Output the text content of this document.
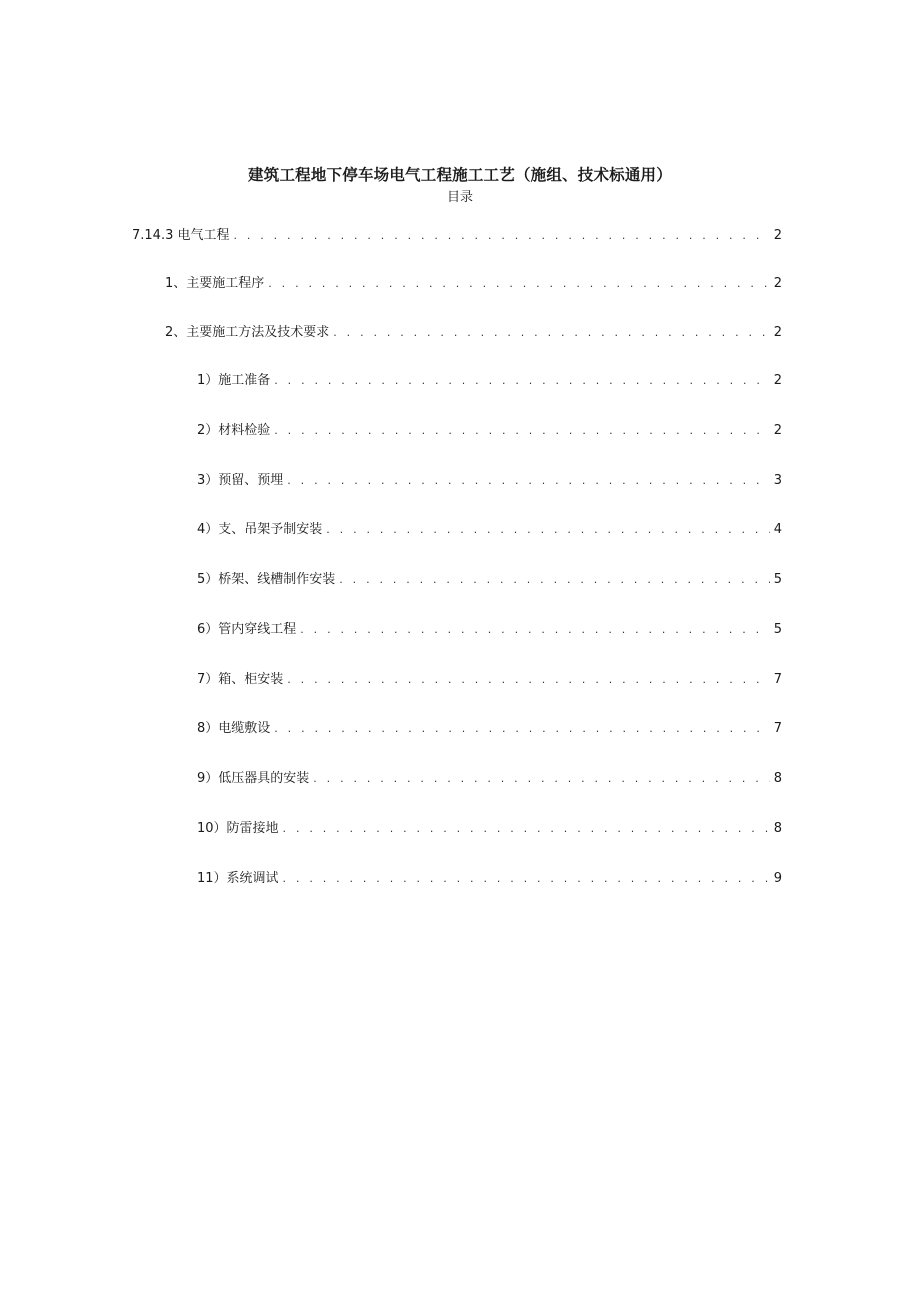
建筑工程地下停车场电气工程施工工艺（施组、技术标通用）
目录
7.14.3 电气工程 . . .	2
1、主要施工程序 . . .	2
2、主要施工方法及技术要求 . . .	2
1）施工准备 . . .	2
2）材料检验 . . .	2
3）预留、预埋 . . .	3
4）支、吊架予制安装 . . .	4
5）桥架、线槽制作安装 . . .	5
6）管内穿线工程 . . .	5
7）箱、柜安装 . . .	7
8）电缆敷设 . . .	7
9）低压器具的安装 . . .	8
10）防雷接地 . . .	8
11）系统调试 . . .	9
